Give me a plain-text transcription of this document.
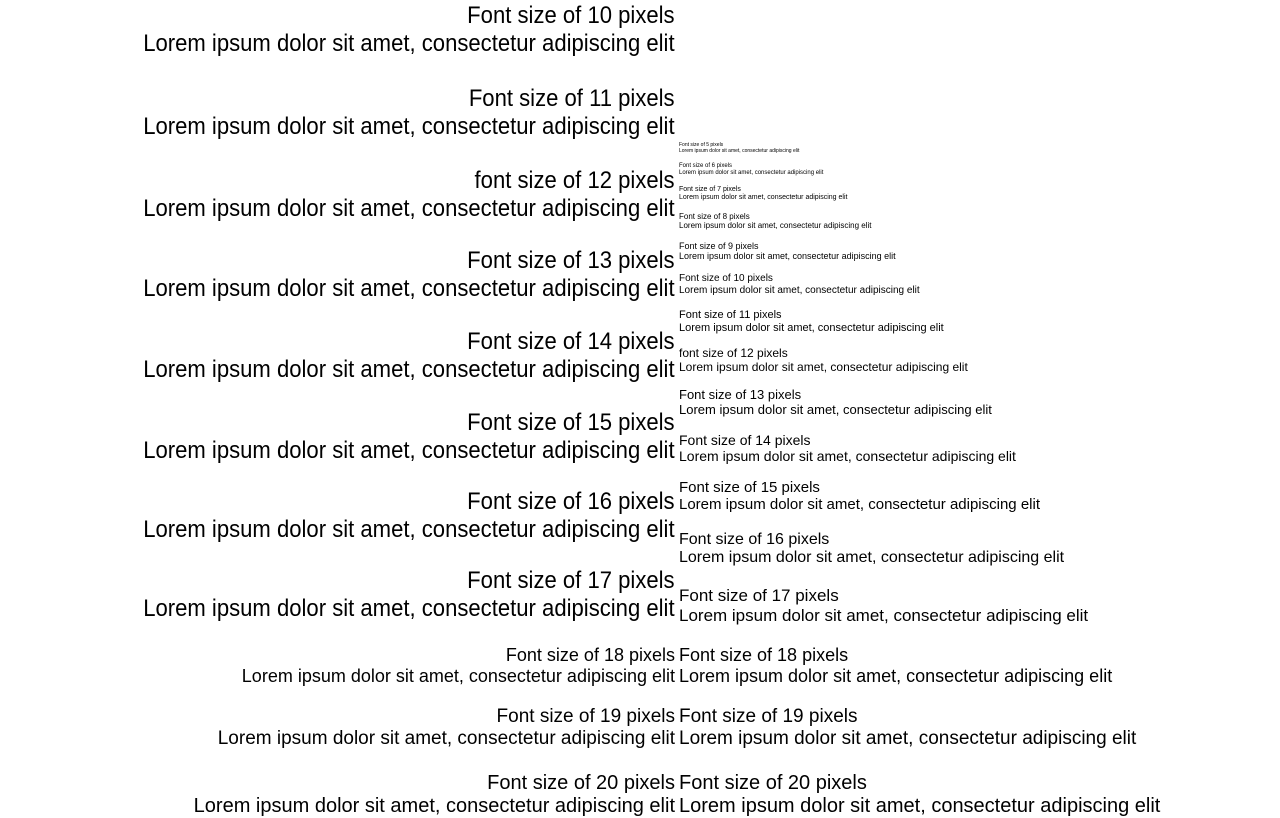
Font size of 10 pixels
Lorem ipsum dolor sit amet, consectetur adipiscing elit
Font size of 11 pixels
Lorem ipsum dolor sit amet, consectetur adipiscing elit
font size of 12 pixels
Lorem ipsum dolor sit amet, consectetur adipiscing elit
Font size of 13 pixels
Lorem ipsum dolor sit amet, consectetur adipiscing elit
Font size of 14 pixels
Lorem ipsum dolor sit amet, consectetur adipiscing elit
Font size of 15 pixels
Lorem ipsum dolor sit amet, consectetur adipiscing elit
Font size of 16 pixels
Lorem ipsum dolor sit amet, consectetur adipiscing elit
Font size of 17 pixels
Lorem ipsum dolor sit amet, consectetur adipiscing elit
Font size of 18 pixels
Lorem ipsum dolor sit amet, consectetur adipiscing elit
Font size of 19 pixels
Lorem ipsum dolor sit amet, consectetur adipiscing elit
Font size of 20 pixels
Lorem ipsum dolor sit amet, consectetur adipiscing elit
Font size of 5 pixels
Lorem ipsum dolor sit amet, consectetur adipiscing elit
Font size of 6 pixels
Lorem ipsum dolor sit amet, consectetur adipiscing elit
Font size of 7 pixels
Lorem ipsum dolor sit amet, consectetur adipiscing elit
Font size of 8 pixels
Lorem ipsum dolor sit amet, consectetur adipiscing elit
Font size of 9 pixels
Lorem ipsum dolor sit amet, consectetur adipiscing elit
Font size of 10 pixels
Lorem ipsum dolor sit amet, consectetur adipiscing elit
Font size of 11 pixels
Lorem ipsum dolor sit amet, consectetur adipiscing elit
font size of 12 pixels
Lorem ipsum dolor sit amet, consectetur adipiscing elit
Font size of 13 pixels
Lorem ipsum dolor sit amet, consectetur adipiscing elit
Font size of 14 pixels
Lorem ipsum dolor sit amet, consectetur adipiscing elit
Font size of 15 pixels
Lorem ipsum dolor sit amet, consectetur adipiscing elit
Font size of 16 pixels
Lorem ipsum dolor sit amet, consectetur adipiscing elit
Font size of 17 pixels
Lorem ipsum dolor sit amet, consectetur adipiscing elit
Font size of 18 pixels
Lorem ipsum dolor sit amet, consectetur adipiscing elit
Font size of 19 pixels
Lorem ipsum dolor sit amet, consectetur adipiscing elit
Font size of 20 pixels
Lorem ipsum dolor sit amet, consectetur adipiscing elit
